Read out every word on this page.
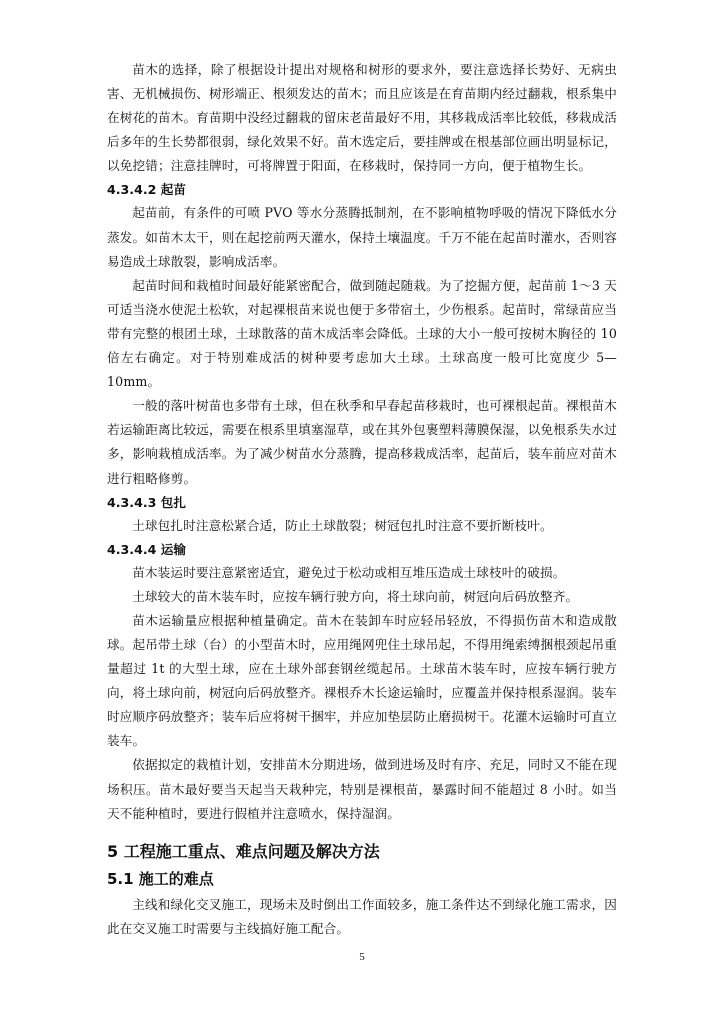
苗木的选择，除了根据设计提出对规格和树形的要求外，要注意选择长势好、无病虫害、无机械损伤、树形端正、根须发达的苗木；而且应该是在育苗期内经过翻栽，根系集中在树花的苗木。育苗期中没经过翻栽的留床老苗最好不用，其移栽成活率比较低，移栽成活后多年的生长势都很弱，绿化效果不好。苗木选定后，要挂牌或在根基部位画出明显标记，以免挖错；注意挂牌时，可将牌置于阳面，在移栽时，保持同一方向，便于植物生长。

4.3.4.2 起苗

起苗前，有条件的可喷 PVO 等水分蒸腾抵制剂，在不影响植物呼吸的情况下降低水分蒸发。如苗木太干，则在起挖前两天灌水，保持土壤温度。千万不能在起苗时灌水，否则容易造成土球散裂，影响成活率。

起苗时间和栽植时间最好能紧密配合，做到随起随栽。为了挖掘方便，起苗前 1～3 天可适当浇水使泥土松软，对起裸根苗来说也便于多带宿土，少伤根系。起苗时，常绿苗应当带有完整的根团土球，土球散落的苗木成活率会降低。土球的大小一般可按树木胸径的 10 倍左右确定。对于特别难成活的树种要考虑加大土球。土球高度一般可比宽度少 5—10mm。

一般的落叶树苗也多带有土球，但在秋季和早春起苗移栽时，也可裸根起苗。裸根苗木若运输距离比较远，需要在根系里填塞湿草，或在其外包裹塑料薄膜保湿，以免根系失水过多，影响栽植成活率。为了减少树苗水分蒸腾，提高移栽成活率，起苗后，装车前应对苗木进行粗略修剪。

4.3.4.3 包扎

土球包扎时注意松紧合适，防止土球散裂；树冠包扎时注意不要折断枝叶。

4.3.4.4 运输

苗木装运时要注意紧密适宜，避免过于松动或相互堆压造成土球枝叶的破损。

土球较大的苗木装车时，应按车辆行驶方向，将土球向前，树冠向后码放整齐。

苗木运输量应根据种植量确定。苗木在装卸车时应轻吊轻放，不得损伤苗木和造成散球。起吊带土球（台）的小型苗木时，应用绳网兜住土球吊起，不得用绳索缚捆根颈起吊重量超过 1t 的大型土球，应在土球外部套钢丝缆起吊。土球苗木装车时，应按车辆行驶方向，将土球向前，树冠向后码放整齐。裸根乔木长途运输时，应覆盖并保持根系湿润。装车时应顺序码放整齐；装车后应将树干捆牢，并应加垫层防止磨损树干。花灌木运输时可直立装车。

依据拟定的栽植计划，安排苗木分期进场，做到进场及时有序、充足，同时又不能在现场积压。苗木最好要当天起当天栽种完，特别是裸根苗，暴露时间不能超过 8 小时。如当天不能种植时，要进行假植并注意喷水，保持湿润。

5 工程施工重点、难点问题及解决方法

5.1 施工的难点

主线和绿化交叉施工，现场未及时倒出工作面较多，施工条件达不到绿化施工需求，因此在交叉施工时需要与主线搞好施工配合。

5
